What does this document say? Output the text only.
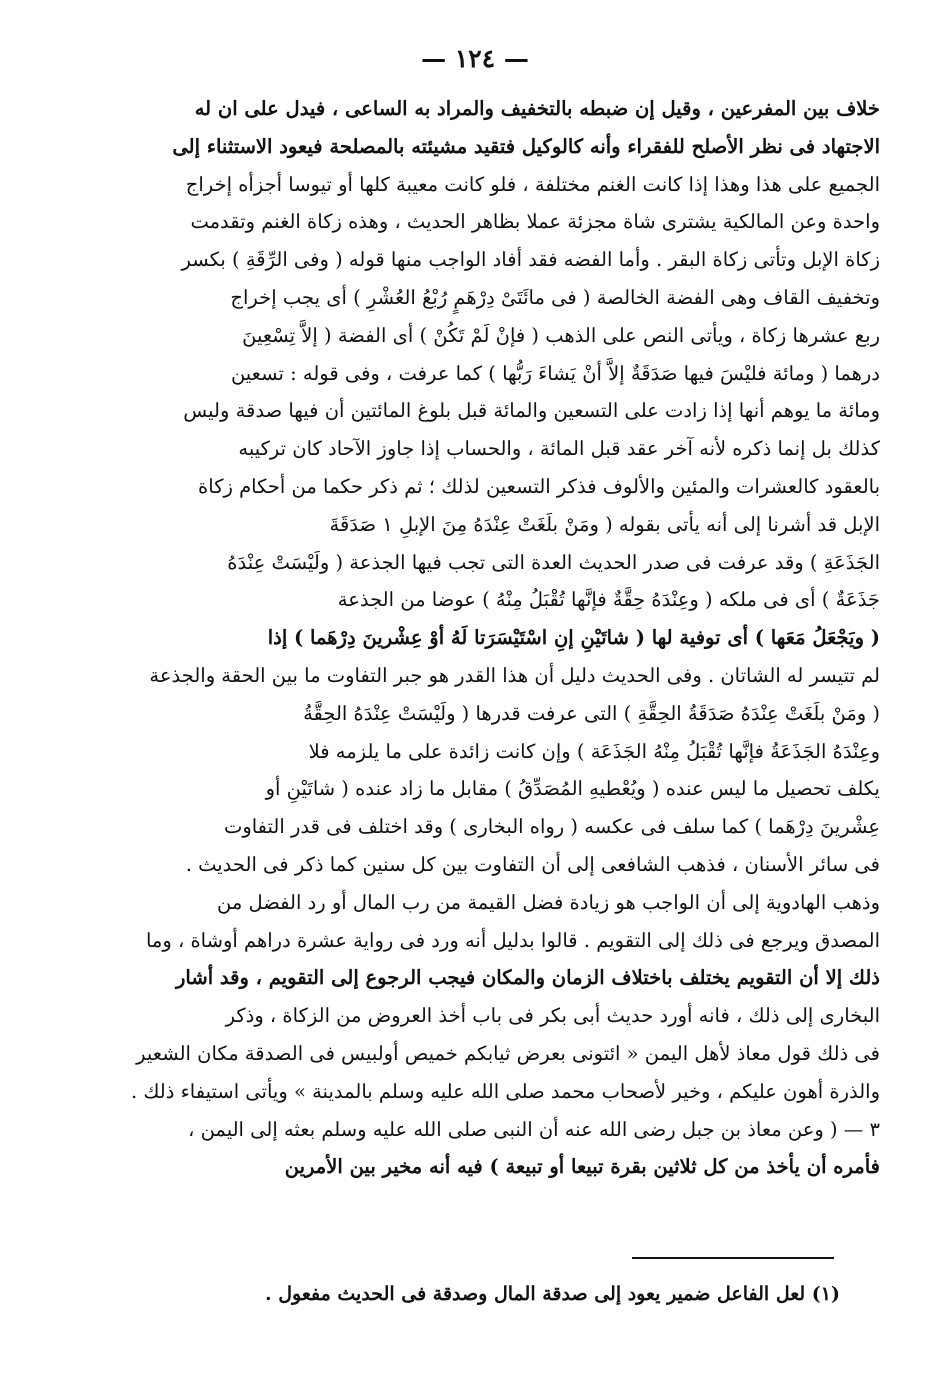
— ١٢٤ —
خلاف بين المفرعين ، وقيل إن ضبطه بالتخفيف والمراد به الساعى ، فيدل على ان له
الاجتهاد فى نظر الأصلح للفقراء وأنه كالوكيل فتقيد مشيئته بالمصلحة فيعود الاستثناء إلى
الجميع على هذا وهذا إذا كانت الغنم مختلفة ، فلو كانت معيبة كلها أو تيوسا أجزأه إخراج
واحدة وعن المالكية يشترى شاة مجزئة عملا بظاهر الحديث ، وهذه زكاة الغنم وتقدمت
زكاة الإبل وتأتى زكاة البقر . وأما الفضه فقد أفاد الواجب منها قوله ( وفى الرِّقَةِ ) بكسر
وتخفيف القاف وهى الفضة الخالصة ( فى مائَتَىْ دِرْهَمٍ رُبْعُ العُشْرِ ) أى يجب إخراج
ربع عشرها زكاة ، ويأتى النص على الذهب ( فإنْ لَمْ تَكُنْ ) أى الفضة ( إلاَّ تِسْعِينَ
درهما ( ومائة فليْسَ فيها صَدَقَةٌ إلاَّ أنْ يَشاءَ رَبُّها ) كما عرفت ، وفى قوله : تسعين
ومائة ما يوهم أنها إذا زادت على التسعين والمائة قبل بلوغ المائتين أن فيها صدقة وليس
كذلك بل إنما ذكره لأنه آخر عقد قبل المائة ، والحساب إذا جاوز الآحاد كان تركيبه
بالعقود كالعشرات والمئين والألوف فذكر التسعين لذلك ؛ ثم ذكر حكما من أحكام زكاة
الإبل قد أشرنا إلى أنه يأتى بقوله ( ومَنْ بلَغَتْ عِنْدَهُ مِنَ الإبلِ ١ صَدَقَةَ
الجَذَعَةِ ) وقد عرفت فى صدر الحديث العدة التى تجب فيها الجذعة ( ولَيْسَتْ عِنْدَهُ
جَذَعَةٌ ) أى فى ملكه ( وعِنْدَهُ حِقَّةٌ فإنَّها تُقْبَلُ مِنْهُ ) عوضا من الجذعة
( ويَجْعَلُ مَعَها ) أى توفية لها ( شاتَيْنِ إنِ اسْتَيْسَرَتا لَهُ أوْ عِشْرينَ دِرْهَما ) إذا
لم تتيسر له الشاتان . وفى الحديث دليل أن هذا القدر هو جبر التفاوت ما بين الحقة والجذعة
( ومَنْ بلَغَتْ عِنْدَهُ صَدَقَةُ الحِقَّةِ ) التى عرفت قدرها ( ولَيْسَتْ عِنْدَهُ الحِقَّةُ
وعِنْدَهُ الجَذَعَةُ فإنَّها تُقْبَلُ مِنْهُ الجَذَعَة ) وإن كانت زائدة على ما يلزمه فلا
يكلف تحصيل ما ليس عنده ( ويُعْطيهِ المُصَدِّقُ ) مقابل ما زاد عنده ( شاتَيْنِ أو
عِشْرينَ دِرْهَما ) كما سلف فى عكسه ( رواه البخارى ) وقد اختلف فى قدر التفاوت
فى سائر الأسنان ، فذهب الشافعى إلى أن التفاوت بين كل سنين كما ذكر فى الحديث .
وذهب الهادوية إلى أن الواجب هو زيادة فضل القيمة من رب المال أو رد الفضل من
المصدق ويرجع فى ذلك إلى التقويم . قالوا بدليل أنه ورد فى رواية عشرة دراهم أوشاة ، وما
ذلك إلا أن التقويم يختلف باختلاف الزمان والمكان فيجب الرجوع إلى التقويم ، وقد أشار
البخارى إلى ذلك ، فانه أورد حديث أبى بكر فى باب أخذ العروض من الزكاة ، وذكر
فى ذلك قول معاذ لأهل اليمن « ائتونى بعرض ثيابكم خميص أولبيس فى الصدقة مكان الشعير
والذرة أهون عليكم ، وخير لأصحاب محمد صلى الله عليه وسلم بالمدينة » ويأتى استيفاء ذلك .
٣ — ( وعن معاذ بن جبل رضى الله عنه أن النبى صلى الله عليه وسلم بعثه إلى اليمن ،
فأمره أن يأخذ من كل ثلاثين بقرة تبيعا أو تبيعة ) فيه أنه مخير بين الأمرين
(١) لعل الفاعل ضمير يعود إلى صدقة المال وصدقة فى الحديث مفعول .
